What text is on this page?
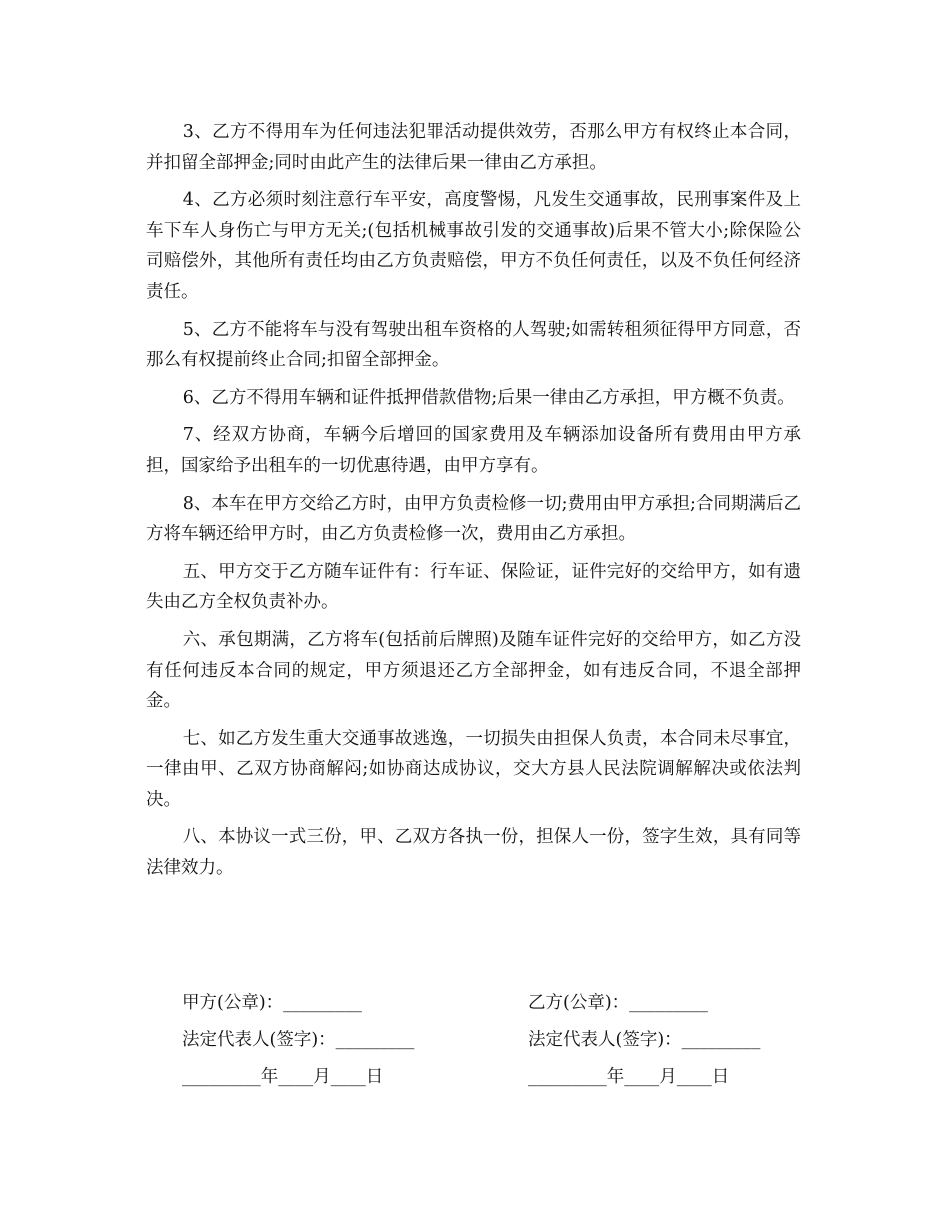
3、乙方不得用车为任何违法犯罪活动提供效劳，否那么甲方有权终止本合同，并扣留全部押金;同时由此产生的法律后果一律由乙方承担。

4、乙方必须时刻注意行车平安，高度警惕，凡发生交通事故，民刑事案件及上车下车人身伤亡与甲方无关;(包括机械事故引发的交通事故)后果不管大小;除保险公司赔偿外，其他所有责任均由乙方负责赔偿，甲方不负任何责任，以及不负任何经济责任。

5、乙方不能将车与没有驾驶出租车资格的人驾驶;如需转租须征得甲方同意，否那么有权提前终止合同;扣留全部押金。

6、乙方不得用车辆和证件抵押借款借物;后果一律由乙方承担，甲方概不负责。

7、经双方协商，车辆今后增回的国家费用及车辆添加设备所有费用由甲方承担，国家给予出租车的一切优惠待遇，由甲方享有。

8、本车在甲方交给乙方时，由甲方负责检修一切;费用由甲方承担;合同期满后乙方将车辆还给甲方时，由乙方负责检修一次，费用由乙方承担。

五、甲方交于乙方随车证件有：行车证、保险证，证件完好的交给甲方，如有遗失由乙方全权负责补办。

六、承包期满，乙方将车(包括前后牌照)及随车证件完好的交给甲方，如乙方没有任何违反本合同的规定，甲方须退还乙方全部押金，如有违反合同，不退全部押金。

七、如乙方发生重大交通事故逃逸，一切损失由担保人负责，本合同未尽事宜，一律由甲、乙双方协商解闷;如协商达成协议，交大方县人民法院调解解决或依法判决。

八、本协议一式三份，甲、乙双方各执一份，担保人一份，签字生效，具有同等法律效力。

甲方(公章)：_________	乙方(公章)：_________
法定代表人(签字)：_________	法定代表人(签字)：_________
_________年____月____日	_________年____月____日
